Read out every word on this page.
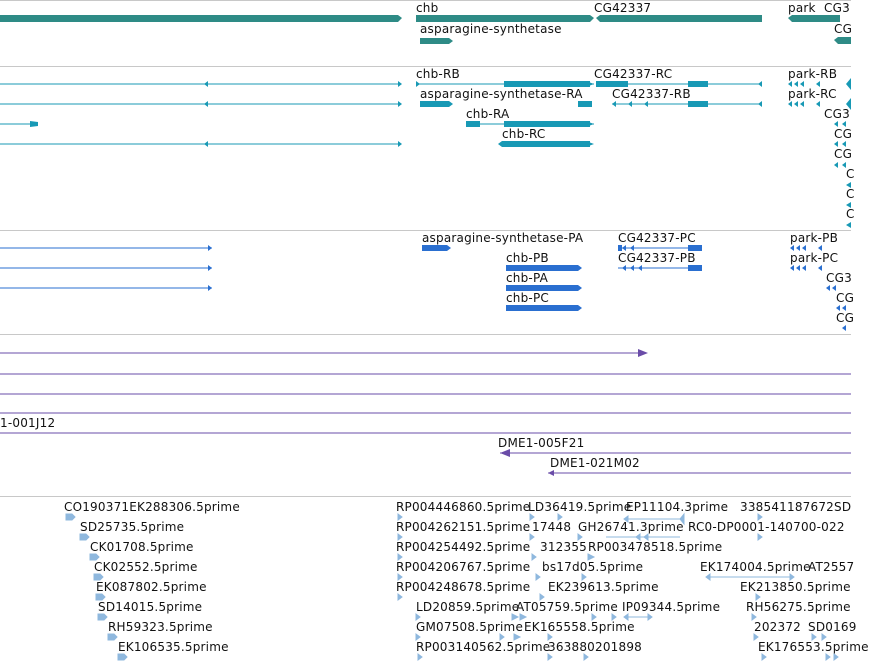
chb	CG42337	park CG3
asparagine-synthetase	CG
chb-RB	CG42337-RC	park-RB
asparagine-synthetase-RA CG42337-RB	park-RC
chb-RA	CG3
chb-RC	CG
CG
C
C
C
asparagine-synthetase-PA	CG42337-PC	park-PB
chb-PB	CG42337-PB	park-PC
chb-PA	CG3
chb-PC	CG
CG
1-001J12
DME1-005F21
DME1-021M02
CO190371EK288306.5prime
SD25735.5prime
CK01708.5prime
CK02552.5prime
EK087802.5prime
SD14015.5prime
RH59323.5prime
EK106535.5prime
RP004446860.5prime
LD36419.5prime
EP11104.3prime 338541187672SD
RP004262151.5prime 17448 GH26741.3prime RC0-DP0001-140700-022
RP004254492.5prime 312355 RP003478518.5prime
RP004206767.5prime bs17d05.5prime	EK174004.5prime
AT2557
RP004248678.5prime EK239613.5prime	EK213850.5prime
LD20859.5prime
AT05759.5prime IP09344.5prime RH56275.5prime
GM07508.5prime EK165558.5prime	202372 SD0169
RP003140562.5prime
363880201898	EK176553.5prime
